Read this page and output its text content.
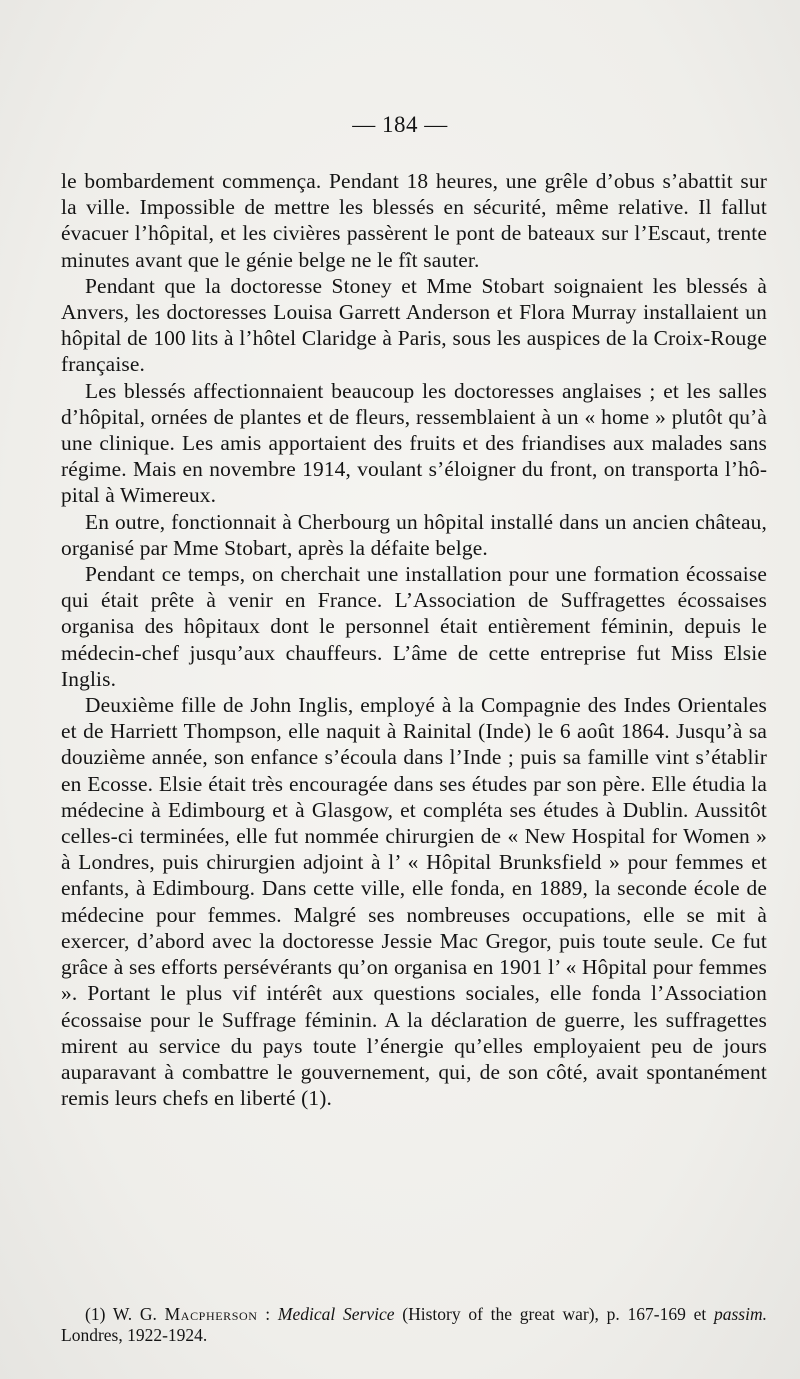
— 184 —

le bombardement commença. Pendant 18 heures, une grêle d’obus s’abattit sur la ville. Impossible de mettre les blessés en sécurité, même relative. Il fallut évacuer l’hôpital, et les civières passèrent le pont de bateaux sur l’Escaut, trente minutes avant que le génie belge ne le fît sauter.

Pendant que la doctoresse Stoney et Mme Stobart soignaient les blessés à Anvers, les doctoresses Louisa Garrett Anderson et Flora Murray installaient un hôpital de 100 lits à l’hôtel Claridge à Paris, sous les auspices de la Croix-Rouge française.

Les blessés affectionnaient beaucoup les doctoresses anglaises ; et les salles d’hôpital, ornées de plantes et de fleurs, ressemblaient à un « home » plutôt qu’à une clinique. Les amis apportaient des fruits et des friandises aux malades sans régime. Mais en novembre 1914, voulant s’éloigner du front, on transporta l’hôpital à Wimereux.

En outre, fonctionnait à Cherbourg un hôpital installé dans un ancien château, organisé par Mme Stobart, après la défaite belge.

Pendant ce temps, on cherchait une installation pour une formation écossaise qui était prête à venir en France. L’Association de Suffragettes écossaises organisa des hôpitaux dont le personnel était entièrement féminin, depuis le médecin-chef jusqu’aux chauffeurs. L’âme de cette entreprise fut Miss Elsie Inglis.

Deuxième fille de John Inglis, employé à la Compagnie des Indes Orientales et de Harriett Thompson, elle naquit à Rainital (Inde) le 6 août 1864. Jusqu’à sa douzième année, son enfance s’écoula dans l’Inde ; puis sa famille vint s’établir en Ecosse. Elsie était très encouragée dans ses études par son père. Elle étudia la médecine à Edimbourg et à Glasgow, et compléta ses études à Dublin. Aussitôt celles-ci terminées, elle fut nommée chirurgien de « New Hospital for Women » à Londres, puis chirurgien adjoint à l’ « Hôpital Brunksfield » pour femmes et enfants, à Edimbourg. Dans cette ville, elle fonda, en 1889, la seconde école de médecine pour femmes. Malgré ses nombreuses occupations, elle se mit à exercer, d’abord avec la doctoresse Jessie Mac Gregor, puis toute seule. Ce fut grâce à ses efforts persévérants qu’on organisa en 1901 l’ « Hôpital pour femmes ». Portant le plus vif intérêt aux questions sociales, elle fonda l’Association écossaise pour le Suffrage féminin. A la déclaration de guerre, les suffragettes mirent au service du pays toute l’énergie qu’elles employaient peu de jours auparavant à combattre le gouvernement, qui, de son côté, avait spontanément remis leurs chefs en liberté (1).

(1) W. G. Macpherson : Medical Service (History of the great war), p. 167-169 et passim. Londres, 1922-1924.
